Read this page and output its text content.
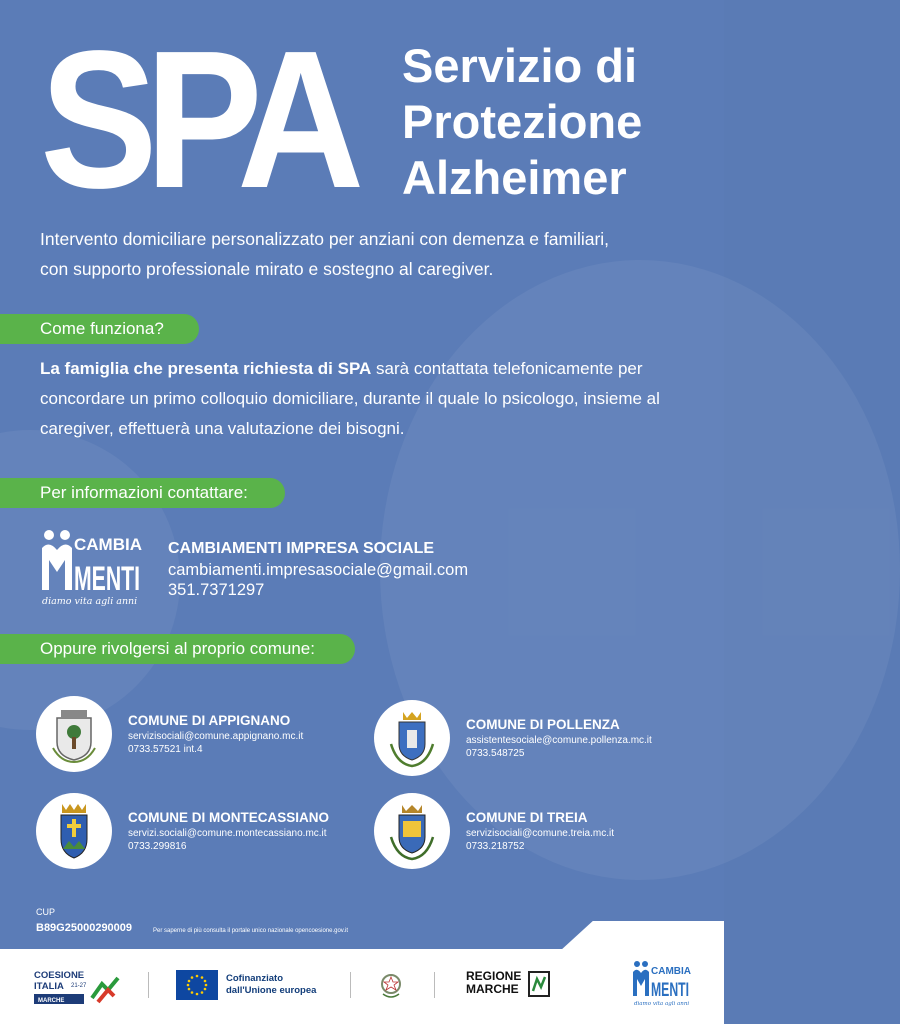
SPA Servizio di
Protezione
Alzheimer
Intervento domiciliare personalizzato per anziani con demenza e familiari,
con supporto professionale mirato e sostegno al caregiver.
Come funziona?
La famiglia che presenta richiesta di SPA sarà contattata telefonicamente per concordare un primo colloquio domiciliare, durante il quale lo psicologo, insieme al caregiver, effettuerà una valutazione dei bisogni.
Per informazioni contattare:
CAMBIA
MENTI
diamo vita agli anni
CAMBIAMENTI IMPRESA SOCIALE
cambiamenti.impresasociale@gmail.com
351.7371297
Oppure rivolgersi al proprio comune:
COMUNE DI APPIGNANO
servizisociali@comune.appignano.mc.it
0733.57521 int.4
COMUNE DI POLLENZA
assistentesociale@comune.pollenza.mc.it
0733.548725
COMUNE DI MONTECASSIANO
servizi.sociali@comune.montecassiano.mc.it
0733.299816
COMUNE DI TREIA
servizisociali@comune.treia.mc.it
0733.218752
CUP
B89G25000290009	Per saperne di più consulta il portale unico nazionale opencoesione.gov.it
COESIONE
ITALIA 21-27
MARCHE
Cofinanziato
dall'Unione europea
REGIONE
MARCHE
CAMBIA
MENTI
diamo vita agli anni
